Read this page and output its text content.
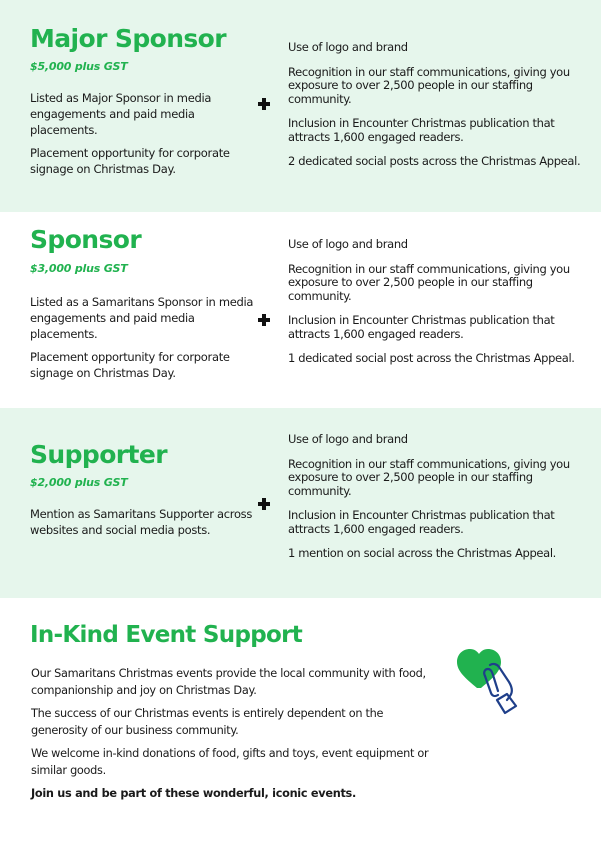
Major Sponsor
$5,000 plus GST

Listed as Major Sponsor in media engagements and paid media placements.

Placement opportunity for corporate signage on Christmas Day.

Use of logo and brand

Recognition in our staff communications, giving you exposure to over 2,500 people in our staffing community.

Inclusion in Encounter Christmas publication that attracts 1,600 engaged readers.

2 dedicated social posts across the Christmas Appeal.

Sponsor
$3,000 plus GST

Listed as a Samaritans Sponsor in media engagements and paid media placements.

Placement opportunity for corporate signage on Christmas Day.

Use of logo and brand

Recognition in our staff communications, giving you exposure to over 2,500 people in our staffing community.

Inclusion in Encounter Christmas publication that attracts 1,600 engaged readers.

1 dedicated social post across the Christmas Appeal.

Supporter
$2,000 plus GST

Mention as Samaritans Supporter across websites and social media posts.

Use of logo and brand

Recognition in our staff communications, giving you exposure to over 2,500 people in our staffing community.

Inclusion in Encounter Christmas publication that attracts 1,600 engaged readers.

1 mention on social across the Christmas Appeal.

In-Kind Event Support

Our Samaritans Christmas events provide the local community with food, companionship and joy on Christmas Day.

The success of our Christmas events is entirely dependent on the generosity of our business community.

We welcome in-kind donations of food, gifts and toys, event equipment or similar goods.

Join us and be part of these wonderful, iconic events.
